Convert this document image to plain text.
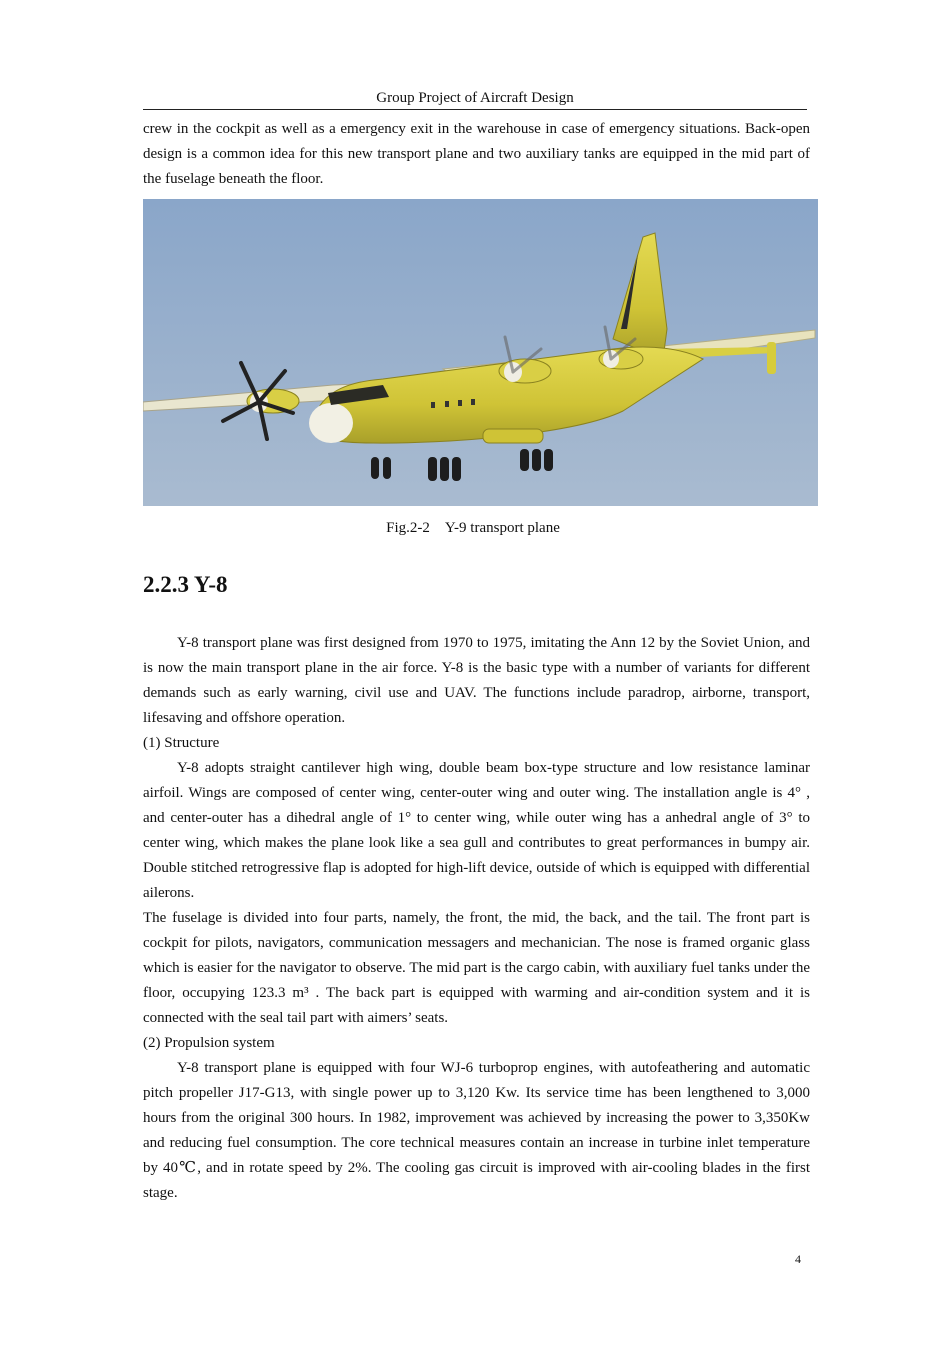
Group Project of Aircraft Design

crew in the cockpit as well as a emergency exit in the warehouse in case of emergency situations. Back-open design is a common idea for this new transport plane and two auxiliary tanks are equipped in the mid part of the fuselage beneath the floor.

Fig.2-2 Y-9 transport plane
2.2.3 Y-8

Y-8 transport plane was first designed from 1970 to 1975, imitating the Ann 12 by the Soviet Union, and is now the main transport plane in the air force. Y-8 is the basic type with a number of variants for different demands such as early warning, civil use and UAV. The functions include paradrop, airborne, transport, lifesaving and offshore operation.

(1) Structure

Y-8 adopts straight cantilever high wing, double beam box-type structure and low resistance laminar airfoil. Wings are composed of center wing, center-outer wing and outer wing. The installation angle is 4° , and center-outer has a dihedral angle of 1° to center wing, while outer wing has a anhedral angle of 3° to center wing, which makes the plane look like a sea gull and contributes to great performances in bumpy air. Double stitched retrogressive flap is adopted for high-lift device, outside of which is equipped with differential ailerons.

The fuselage is divided into four parts, namely, the front, the mid, the back, and the tail. The front part is cockpit for pilots, navigators, communication messagers and mechanician. The nose is framed organic glass which is easier for the navigator to observe. The mid part is the cargo cabin, with auxiliary fuel tanks under the floor, occupying 123.3 m³ . The back part is equipped with warming and air-condition system and it is connected with the seal tail part with aimers’ seats.

(2) Propulsion system

Y-8 transport plane is equipped with four WJ-6 turboprop engines, with autofeathering and automatic pitch propeller J17-G13, with single power up to 3,120 Kw. Its service time has been lengthened to 3,000 hours from the original 300 hours. In 1982, improvement was achieved by increasing the power to 3,350Kw and reducing fuel consumption. The core technical measures contain an increase in turbine inlet temperature by 40℃, and in rotate speed by 2%. The cooling gas circuit is improved with air-cooling blades in the first stage.

4
